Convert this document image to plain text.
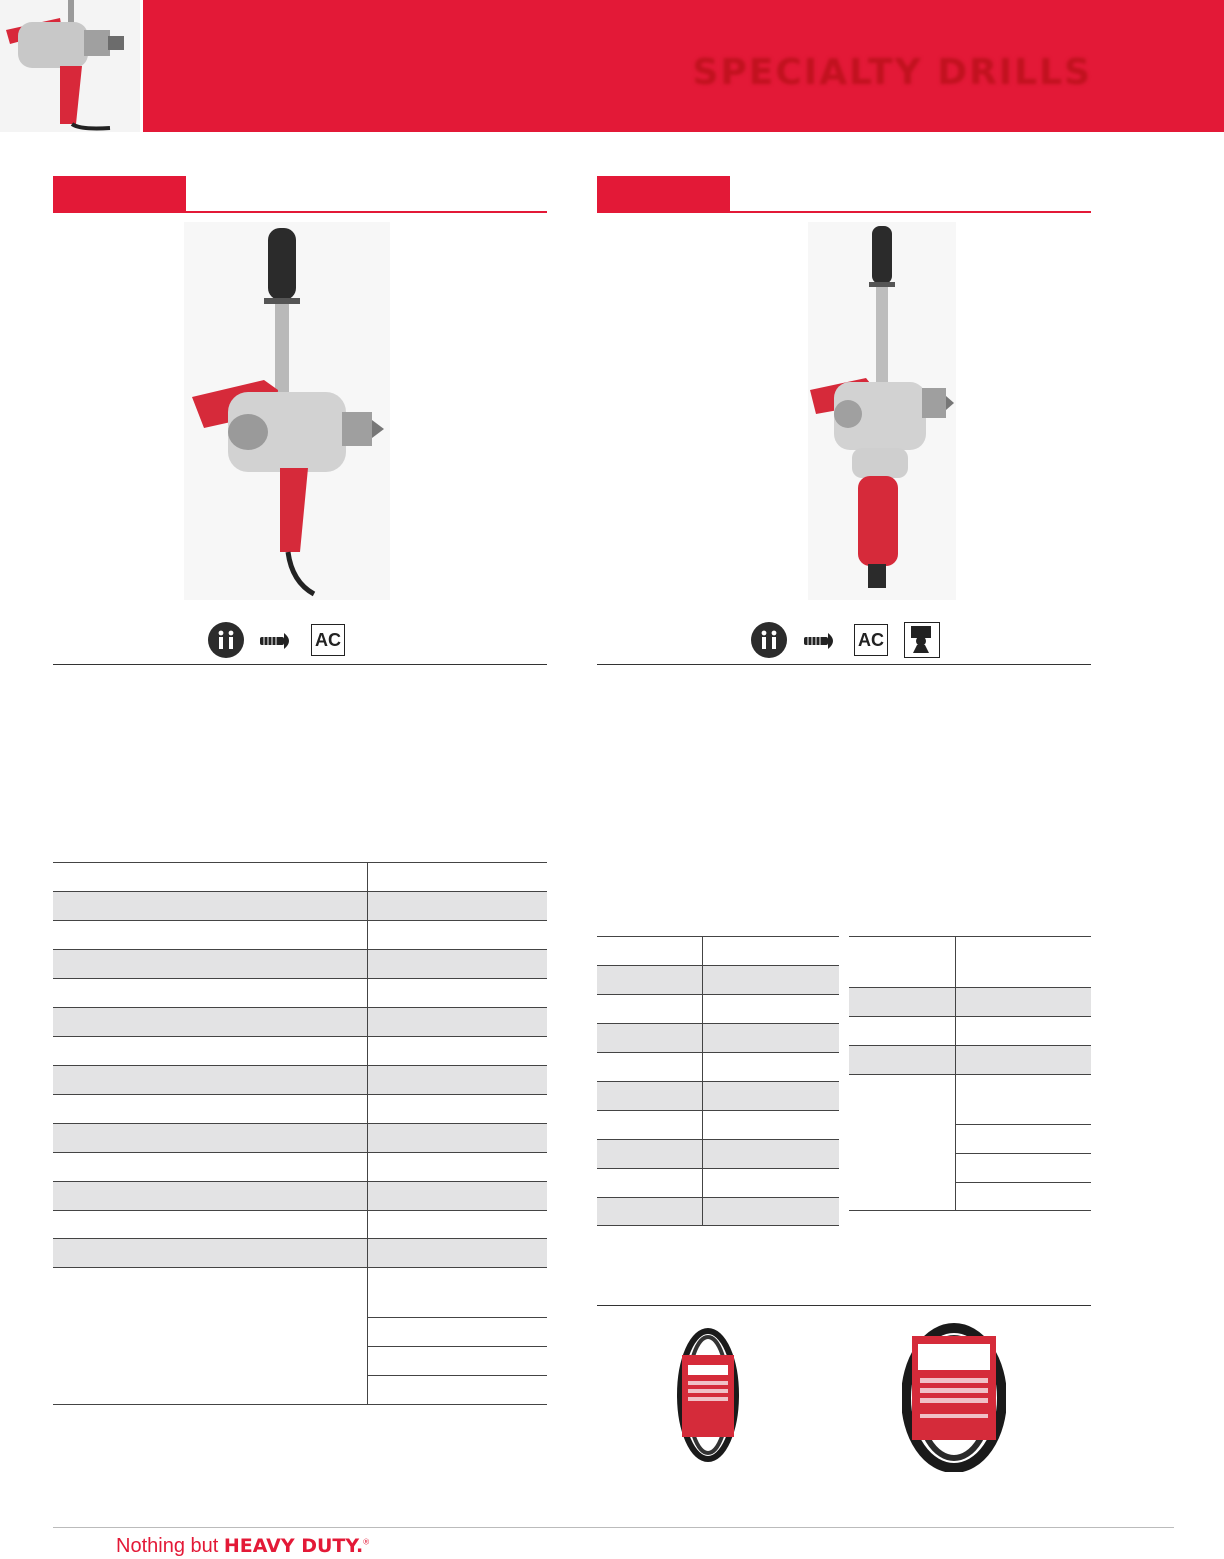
SPECIALTY DRILLS
AC	AC
Nothing but HEAVY DUTY.®
